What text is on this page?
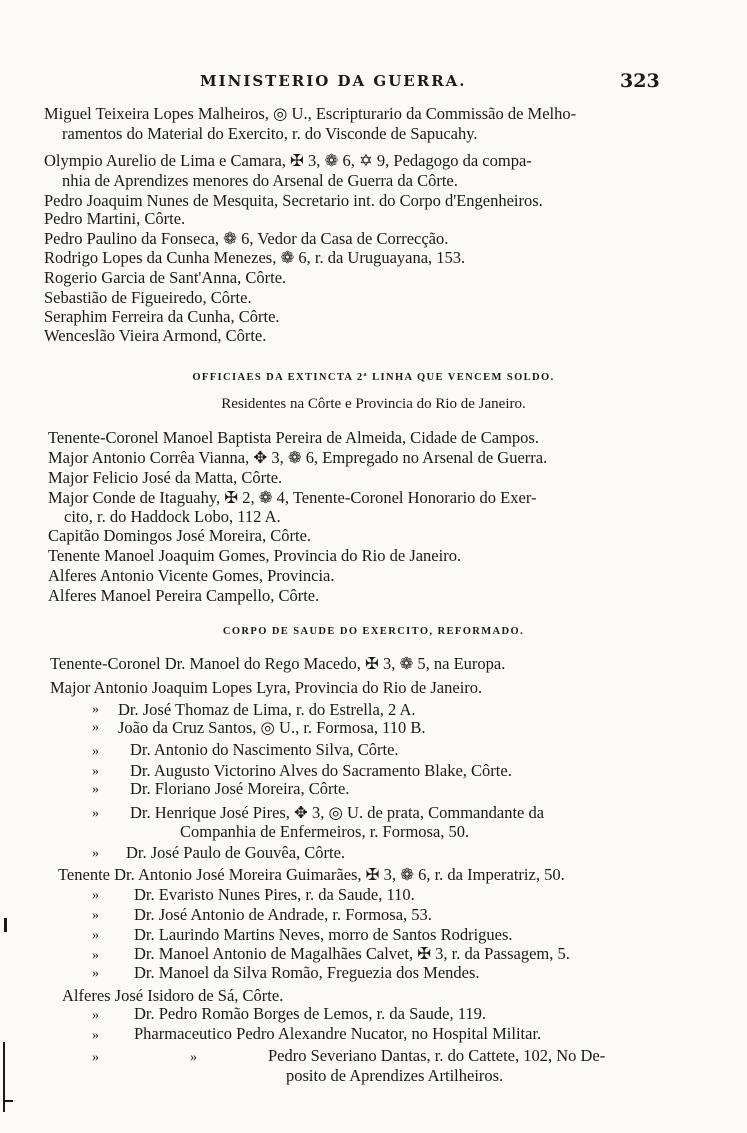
MINISTERIO DA GUERRA.	323
Miguel Teixeira Lopes Malheiros, ◎ U., Escripturario da Commissão de Melho-
ramentos do Material do Exercito, r. do Visconde de Sapucahy.
Olympio Aurelio de Lima e Camara, ✠ 3, ❁ 6, ✡ 9, Pedagogo da compa-
nhia de Aprendizes menores do Arsenal de Guerra da Côrte.
Pedro Joaquim Nunes de Mesquita, Secretario int. do Corpo d'Engenheiros.
Pedro Martini, Côrte.
Pedro Paulino da Fonseca, ❁ 6, Vedor da Casa de Correcção.
Rodrigo Lopes da Cunha Menezes, ❁ 6, r. da Uruguayana, 153.
Rogerio Garcia de Sant'Anna, Côrte.
Sebastião de Figueiredo, Côrte.
Seraphim Ferreira da Cunha, Côrte.
Wenceslão Vieira Armond, Côrte.
OFFICIAES DA EXTINCTA 2ª LINHA QUE VENCEM SOLDO.
Residentes na Côrte e Provincia do Rio de Janeiro.
Tenente-Coronel Manoel Baptista Pereira de Almeida, Cidade de Campos.
Major Antonio Corrêa Vianna, ✥ 3, ❁ 6, Empregado no Arsenal de Guerra.
Major Felicio José da Matta, Côrte.
Major Conde de Itaguahy, ✠ 2, ❁ 4, Tenente-Coronel Honorario do Exer-
cito, r. do Haddock Lobo, 112 A.
Capitão Domingos José Moreira, Côrte.
Tenente Manoel Joaquim Gomes, Provincia do Rio de Janeiro.
Alferes Antonio Vicente Gomes, Provincia.
Alferes Manoel Pereira Campello, Côrte.
CORPO DE SAUDE DO EXERCITO, REFORMADO.
Tenente-Coronel Dr. Manoel do Rego Macedo, ✠ 3, ❁ 5, na Europa.
Major Antonio Joaquim Lopes Lyra, Provincia do Rio de Janeiro.
» Dr. José Thomaz de Lima, r. do Estrella, 2 A.
» João da Cruz Santos, ◎ U., r. Formosa, 110 B.
» Dr. Antonio do Nascimento Silva, Côrte.
» Dr. Augusto Victorino Alves do Sacramento Blake, Côrte.
» Dr. Floriano José Moreira, Côrte.
» Dr. Henrique José Pires, ✥ 3, ◎ U. de prata, Commandante da
Companhia de Enfermeiros, r. Formosa, 50.
» Dr. José Paulo de Gouvêa, Côrte.
Tenente Dr. Antonio José Moreira Guimarães, ✠ 3, ❁ 6, r. da Imperatriz, 50.
» Dr. Evaristo Nunes Pires, r. da Saude, 110.
» Dr. José Antonio de Andrade, r. Formosa, 53.
» Dr. Laurindo Martins Neves, morro de Santos Rodrigues.
» Dr. Manoel Antonio de Magalhães Calvet, ✠ 3, r. da Passagem, 5.
» Dr. Manoel da Silva Romão, Freguezia dos Mendes.
Alferes José Isidoro de Sá, Côrte.
» Dr. Pedro Romão Borges de Lemos, r. da Saude, 119.
» Pharmaceutico Pedro Alexandre Nucator, no Hospital Militar.
»	»	Pedro Severiano Dantas, r. do Cattete, 102, No De-
posito de Aprendizes Artilheiros.
